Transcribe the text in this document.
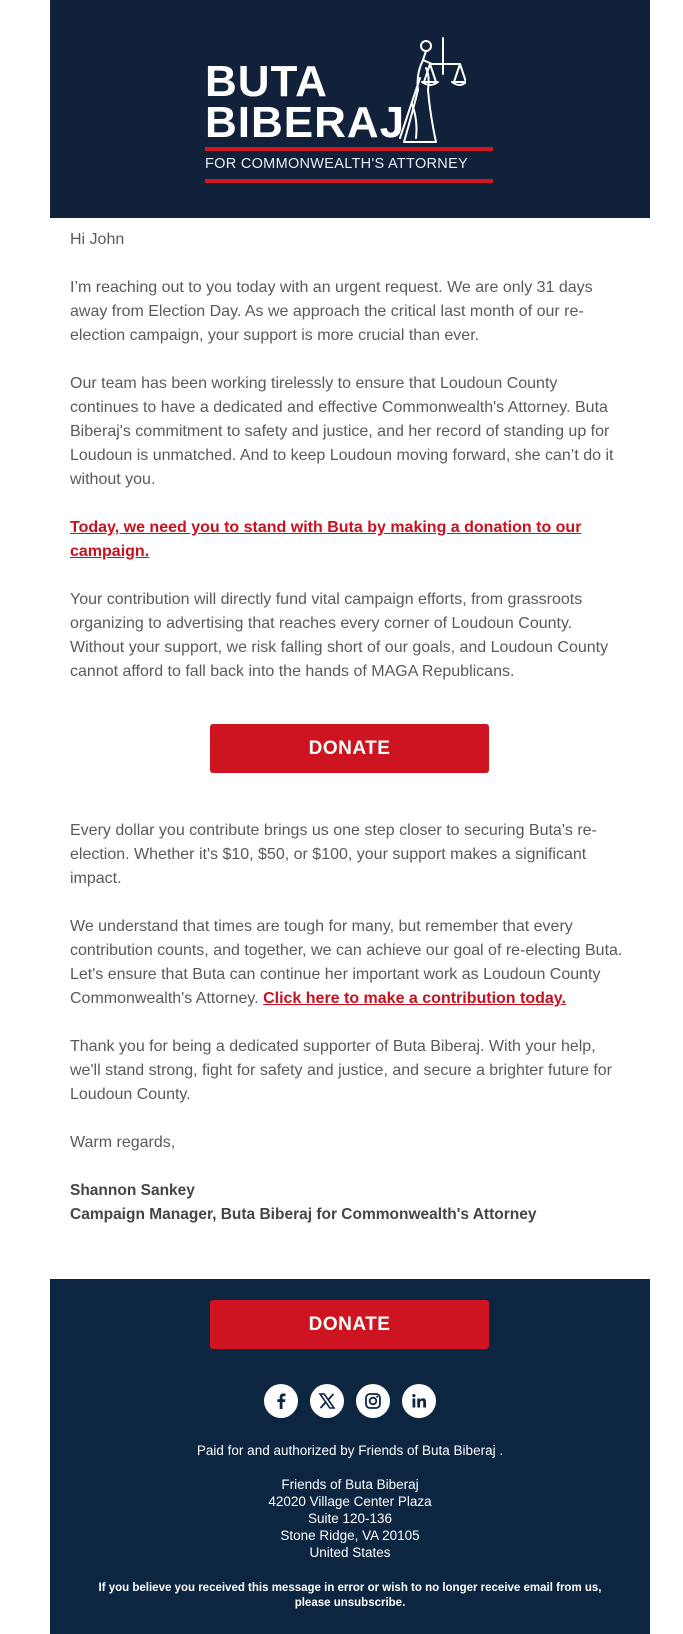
BUTA
BIBERAJ
FOR COMMONWEALTH'S ATTORNEY

Hi John

I’m reaching out to you today with an urgent request. We are only 31 days away from Election Day. As we approach the critical last month of our re-election campaign, your support is more crucial than ever.

Our team has been working tirelessly to ensure that Loudoun County continues to have a dedicated and effective Commonwealth's Attorney. Buta Biberaj's commitment to safety and justice, and her record of standing up for Loudoun is unmatched. And to keep Loudoun moving forward, she can’t do it without you.

Today, we need you to stand with Buta by making a donation to our campaign.

Your contribution will directly fund vital campaign efforts, from grassroots organizing to advertising that reaches every corner of Loudoun County. Without your support, we risk falling short of our goals, and Loudoun County cannot afford to fall back into the hands of MAGA Republicans.

Every dollar you contribute brings us one step closer to securing Buta's re-election. Whether it's $10, $50, or $100, your support makes a significant impact.

We understand that times are tough for many, but remember that every contribution counts, and together, we can achieve our goal of re-electing Buta. Let's ensure that Buta can continue her important work as Loudoun County Commonwealth's Attorney. Click here to make a contribution today.

Thank you for being a dedicated supporter of Buta Biberaj. With your help, we'll stand strong, fight for safety and justice, and secure a brighter future for Loudoun County.

Warm regards,

Shannon Sankey
Campaign Manager, Buta Biberaj for Commonwealth's Attorney
DONATE
DONATE
Paid for and authorized by Friends of Buta Biberaj .
Friends of Buta Biberaj
42020 Village Center Plaza
Suite 120-136
Stone Ridge, VA 20105
United States
If you believe you received this message in error or wish to no longer receive email from us, please unsubscribe.
